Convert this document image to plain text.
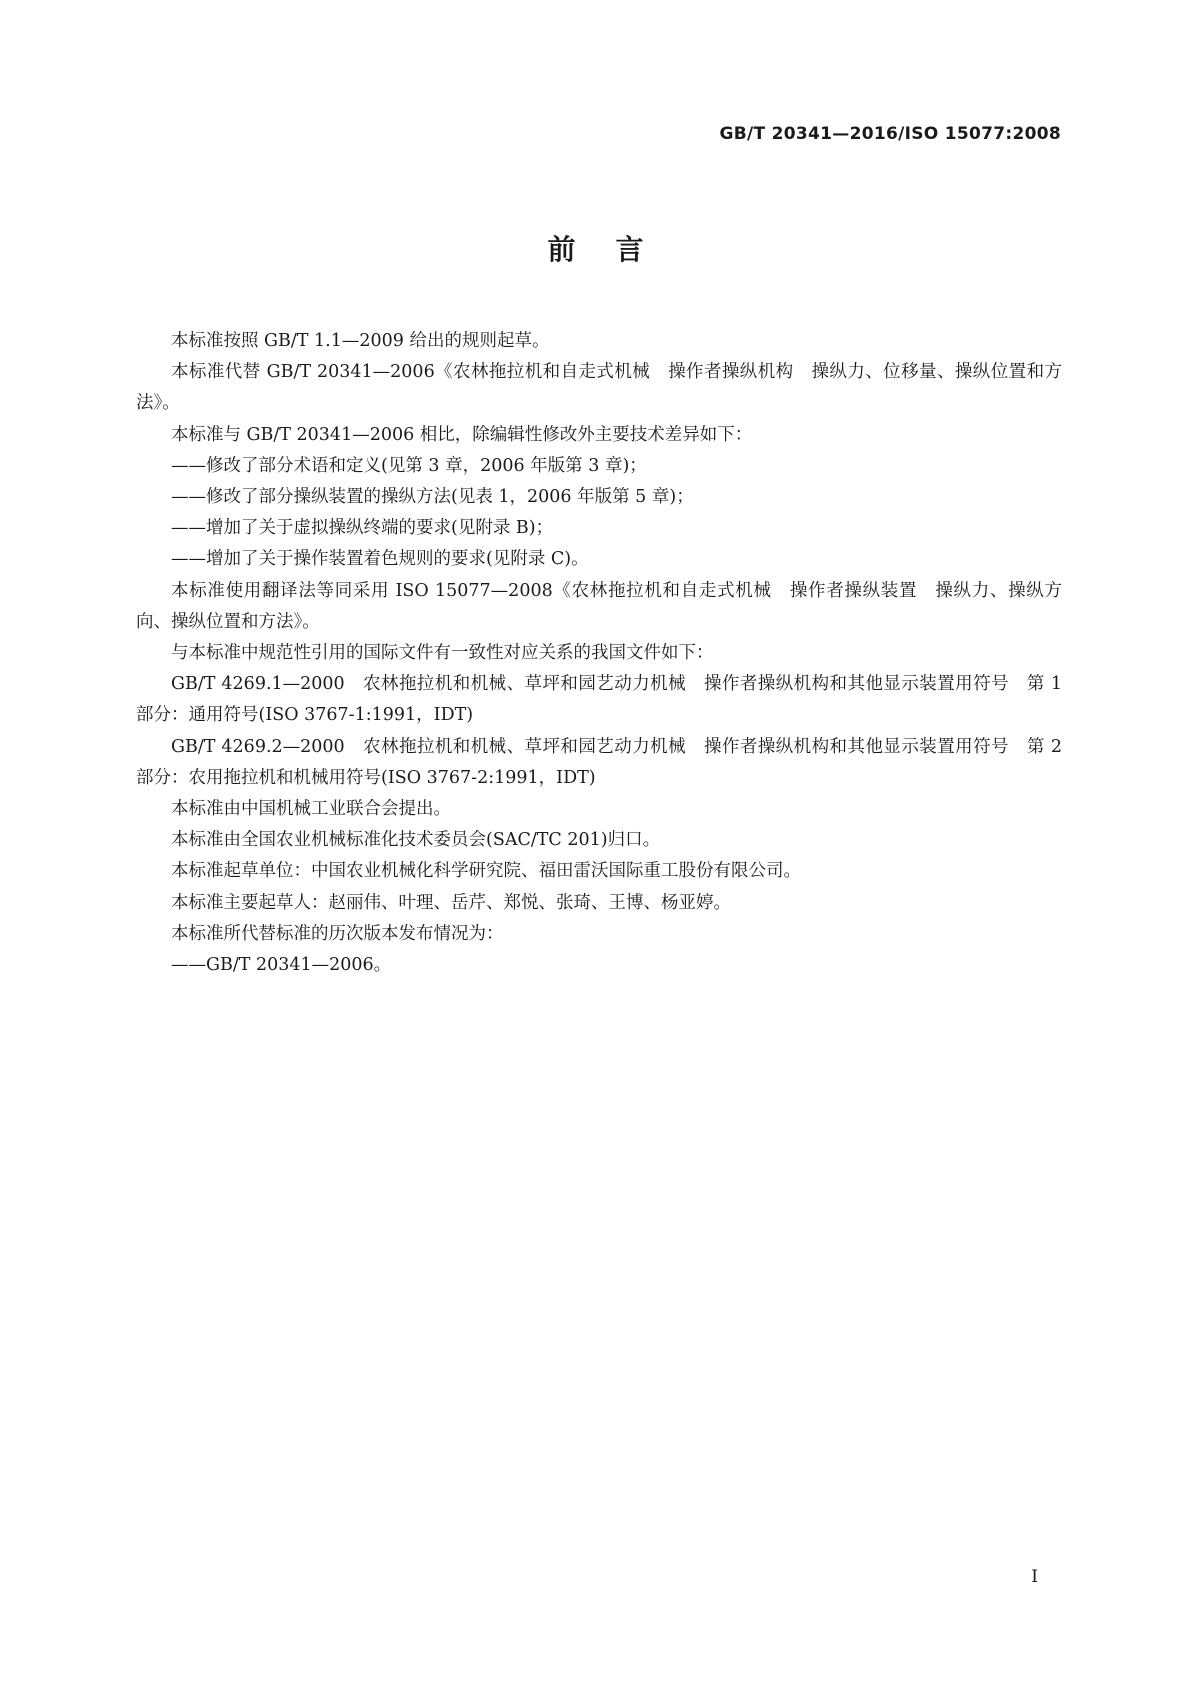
GB/T 20341—2016/ISO 15077:2008
前言

本标准按照 GB/T 1.1—2009 给出的规则起草。

本标准代替 GB/T 20341—2006《农林拖拉机和自走式机械　操作者操纵机构　操纵力、位移量、操纵位置和方法》。

本标准与 GB/T 20341—2006 相比，除编辑性修改外主要技术差异如下：

——修改了部分术语和定义(见第 3 章，2006 年版第 3 章)；

——修改了部分操纵装置的操纵方法(见表 1，2006 年版第 5 章)；

——增加了关于虚拟操纵终端的要求(见附录 B)；

——增加了关于操作装置着色规则的要求(见附录 C)。

本标准使用翻译法等同采用 ISO 15077—2008《农林拖拉机和自走式机械　操作者操纵装置　操纵力、操纵方向、操纵位置和方法》。

与本标准中规范性引用的国际文件有一致性对应关系的我国文件如下：

GB/T 4269.1—2000　农林拖拉机和机械、草坪和园艺动力机械　操作者操纵机构和其他显示装置用符号　第 1 部分：通用符号(ISO 3767-1:1991，IDT)

GB/T 4269.2—2000　农林拖拉机和机械、草坪和园艺动力机械　操作者操纵机构和其他显示装置用符号　第 2 部分：农用拖拉机和机械用符号(ISO 3767-2:1991，IDT)

本标准由中国机械工业联合会提出。

本标准由全国农业机械标准化技术委员会(SAC/TC 201)归口。

本标准起草单位：中国农业机械化科学研究院、福田雷沃国际重工股份有限公司。

本标准主要起草人：赵丽伟、叶理、岳芹、郑悦、张琦、王博、杨亚婷。

本标准所代替标准的历次版本发布情况为：

——GB/T 20341—2006。

I
